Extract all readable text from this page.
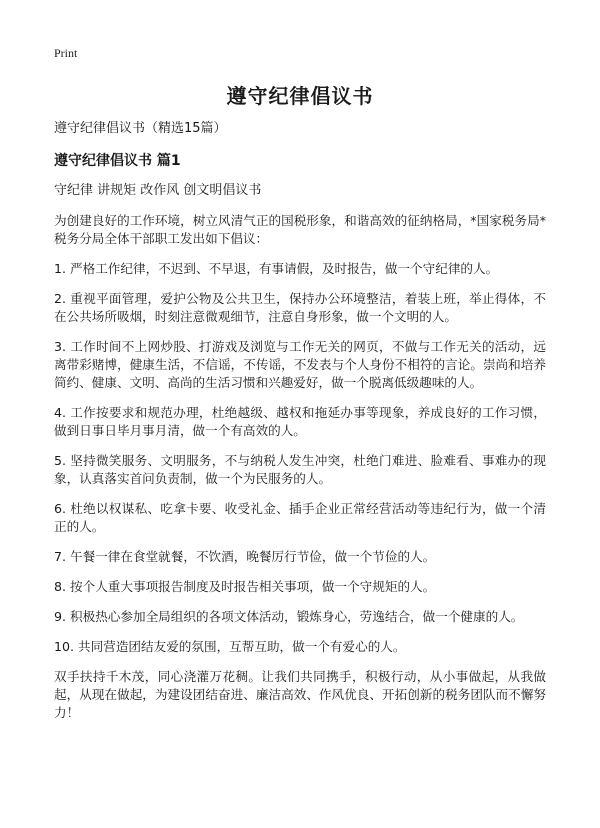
Print
遵守纪律倡议书

遵守纪律倡议书（精选15篇）

遵守纪律倡议书 篇1

守纪律 讲规矩 改作风 创文明倡议书

为创建良好的工作环境，树立风清气正的国税形象，和谐高效的征纳格局，*国家税务局*税务分局全体干部职工发出如下倡议：

1. 严格工作纪律，不迟到、不早退，有事请假，及时报告，做一个守纪律的人。

2. 重视平面管理，爱护公物及公共卫生，保持办公环境整洁，着装上班，举止得体，不在公共场所吸烟，时刻注意微观细节，注意自身形象，做一个文明的人。

3. 工作时间不上网炒股、打游戏及浏览与工作无关的网页，不做与工作无关的活动，远离带彩赌博，健康生活，不信谣，不传谣，不发表与个人身份不相符的言论。崇尚和培养简约、健康、文明、高尚的生活习惯和兴趣爱好，做一个脱离低级趣味的人。

4. 工作按要求和规范办理，杜绝越级、越权和拖延办事等现象，养成良好的工作习惯，做到日事日毕月事月清，做一个有高效的人。

5. 坚持微笑服务、文明服务，不与纳税人发生冲突，杜绝门难进、脸难看、事难办的现象，认真落实首问负责制，做一个为民服务的人。

6. 杜绝以权谋私、吃拿卡要、收受礼金、插手企业正常经营活动等违纪行为，做一个清正的人。

7. 午餐一律在食堂就餐，不饮酒，晚餐厉行节俭，做一个节俭的人。

8. 按个人重大事项报告制度及时报告相关事项，做一个守规矩的人。

9. 积极热心参加全局组织的各项文体活动，锻炼身心，劳逸结合，做一个健康的人。

10. 共同营造团结友爱的氛围，互帮互助，做一个有爱心的人。

双手扶持千木茂，同心浇灌万花稠。让我们共同携手，积极行动，从小事做起，从我做起，从现在做起，为建设团结奋进、廉洁高效、作风优良、开拓创新的税务团队而不懈努力！
